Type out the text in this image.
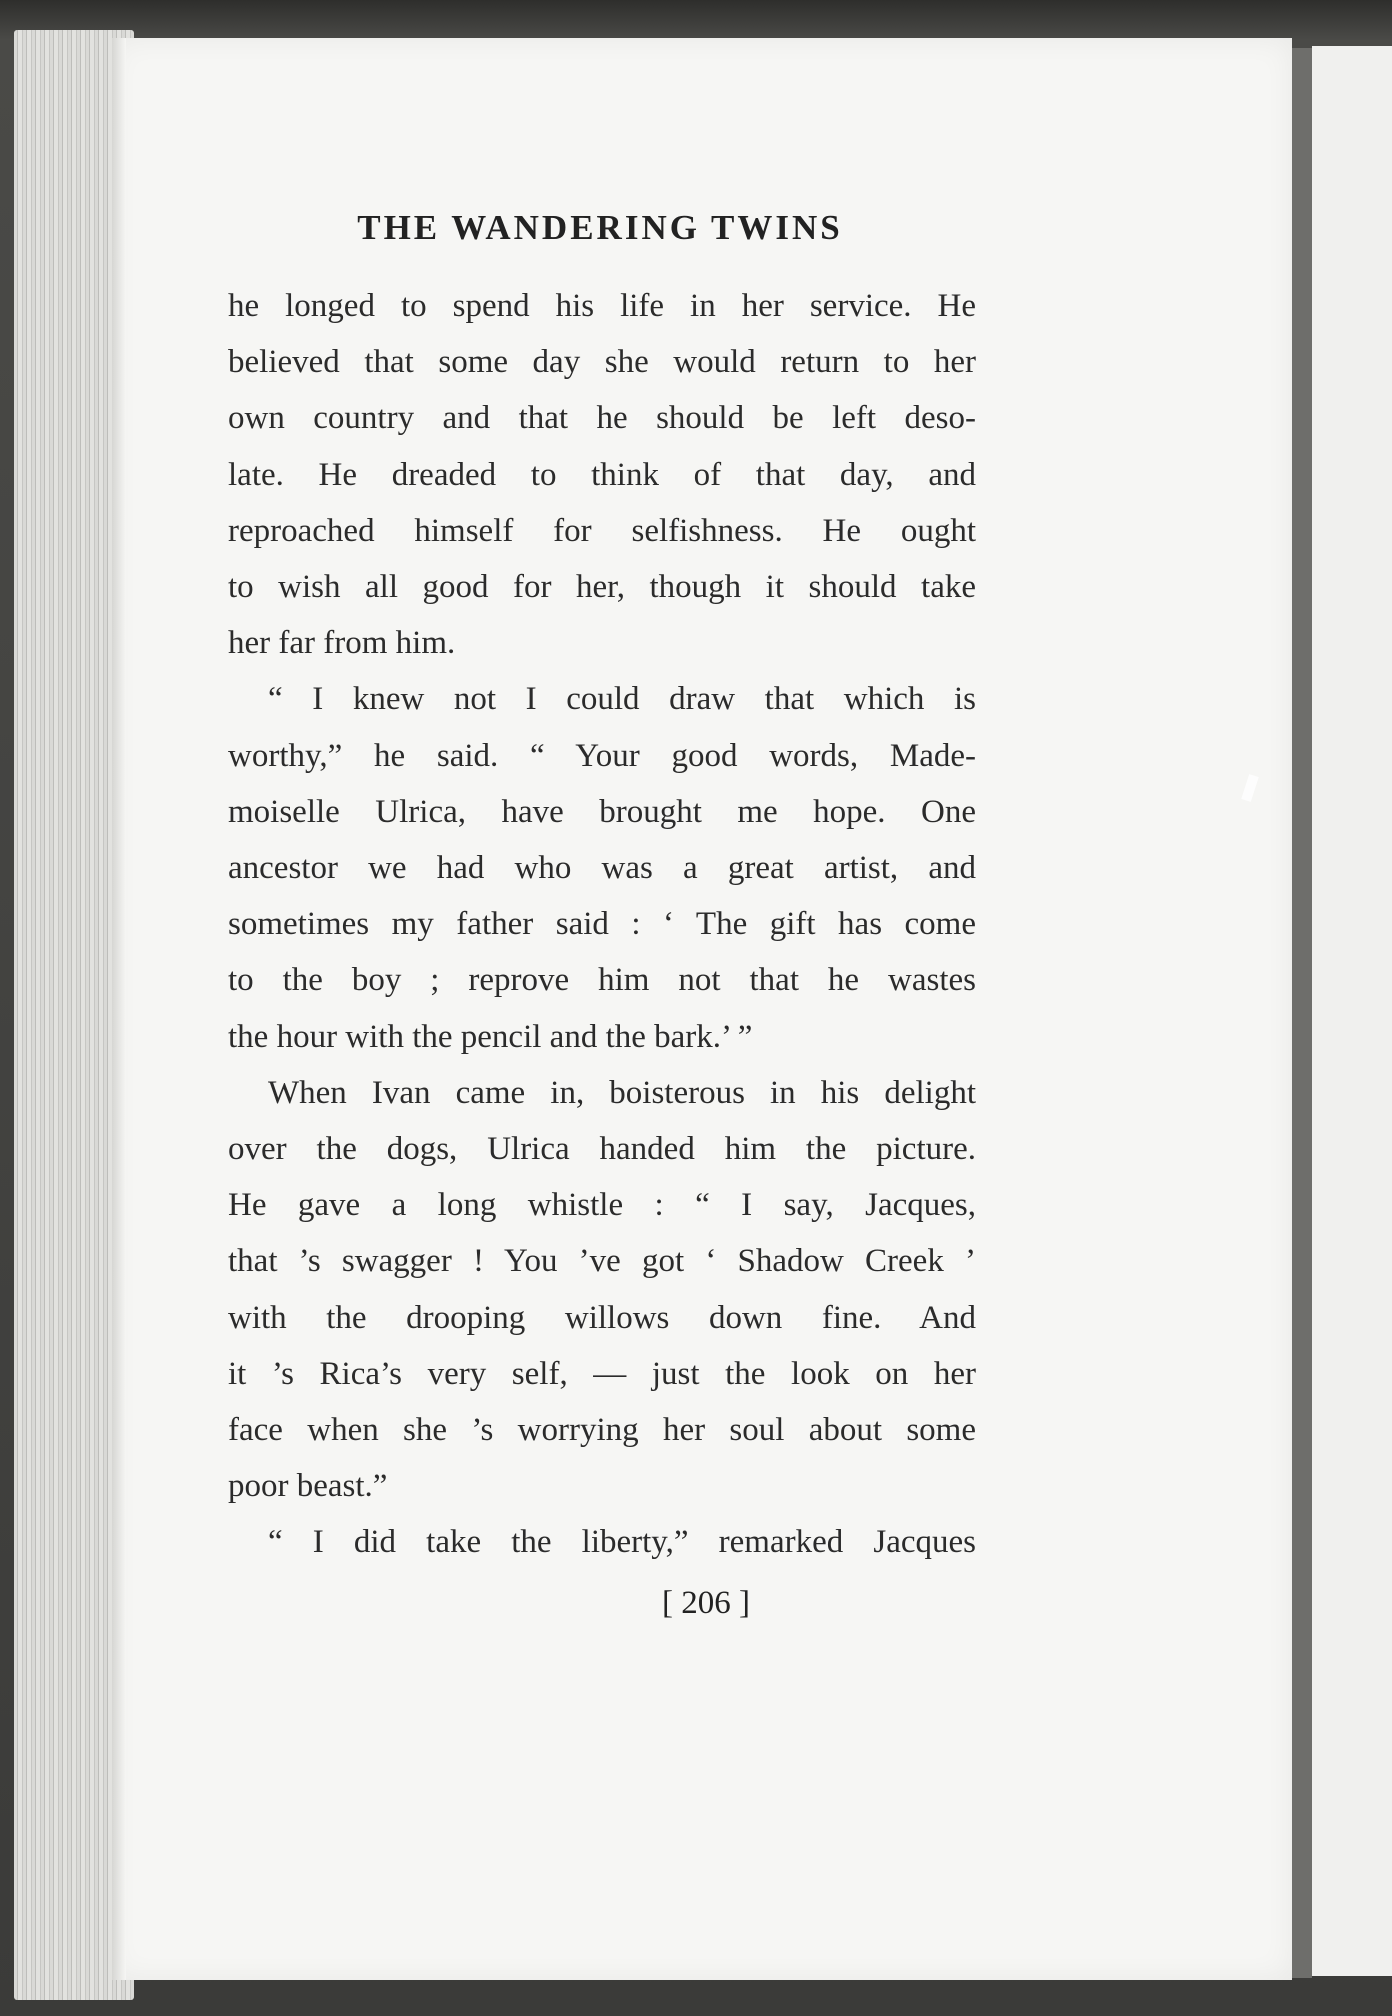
THE WANDERING TWINS
he longed to spend his life in her service. He
believed that some day she would return to her
own country and that he should be left deso-
late. He dreaded to think of that day, and
reproached himself for selfishness. He ought
to wish all good for her, though it should take
her far from him.
“ I knew not I could draw that which is
worthy,” he said. “ Your good words, Made-
moiselle Ulrica, have brought me hope. One
ancestor we had who was a great artist, and
sometimes my father said : ‘ The gift has come
to the boy ; reprove him not that he wastes
the hour with the pencil and the bark.’ ”
When Ivan came in, boisterous in his delight
over the dogs, Ulrica handed him the picture.
He gave a long whistle : “ I say, Jacques,
that ’s swagger ! You ’ve got ‘ Shadow Creek ’
with the drooping willows down fine. And
it ’s Rica’s very self, — just the look on her
face when she ’s worrying her soul about some
poor beast.”
“ I did take the liberty,” remarked Jacques
[ 206 ]
